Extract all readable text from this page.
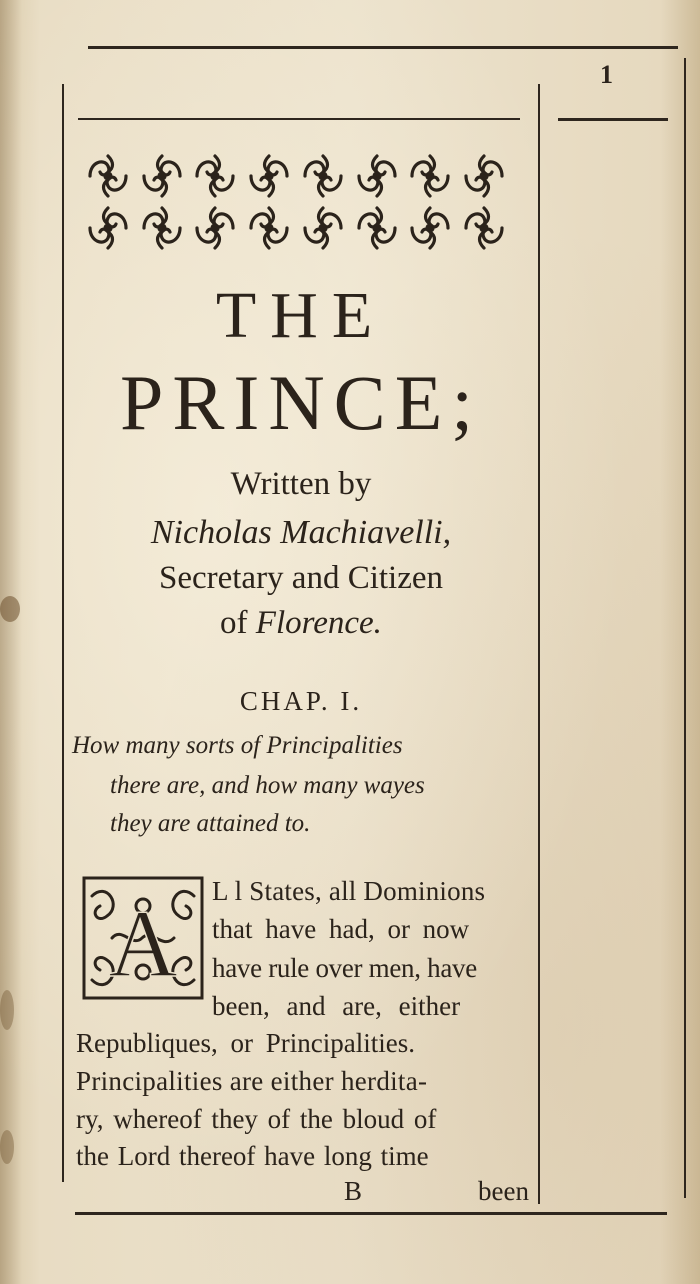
1
THE
PRINCE;
Written by
Nicholas Machiavelli,
Secretary and Citizen
of Florence.
CHAP. I.
How many sorts of Principalities
there are, and how many wayes
they are attained to.
A L l States, all Dominions
that have had, or now
have rule over men, have
been, and are, either
Republiques, or Principalities.
Principalities are either herdita-
ry, whereof they of the bloud of
the Lord thereof have long time
B	been
